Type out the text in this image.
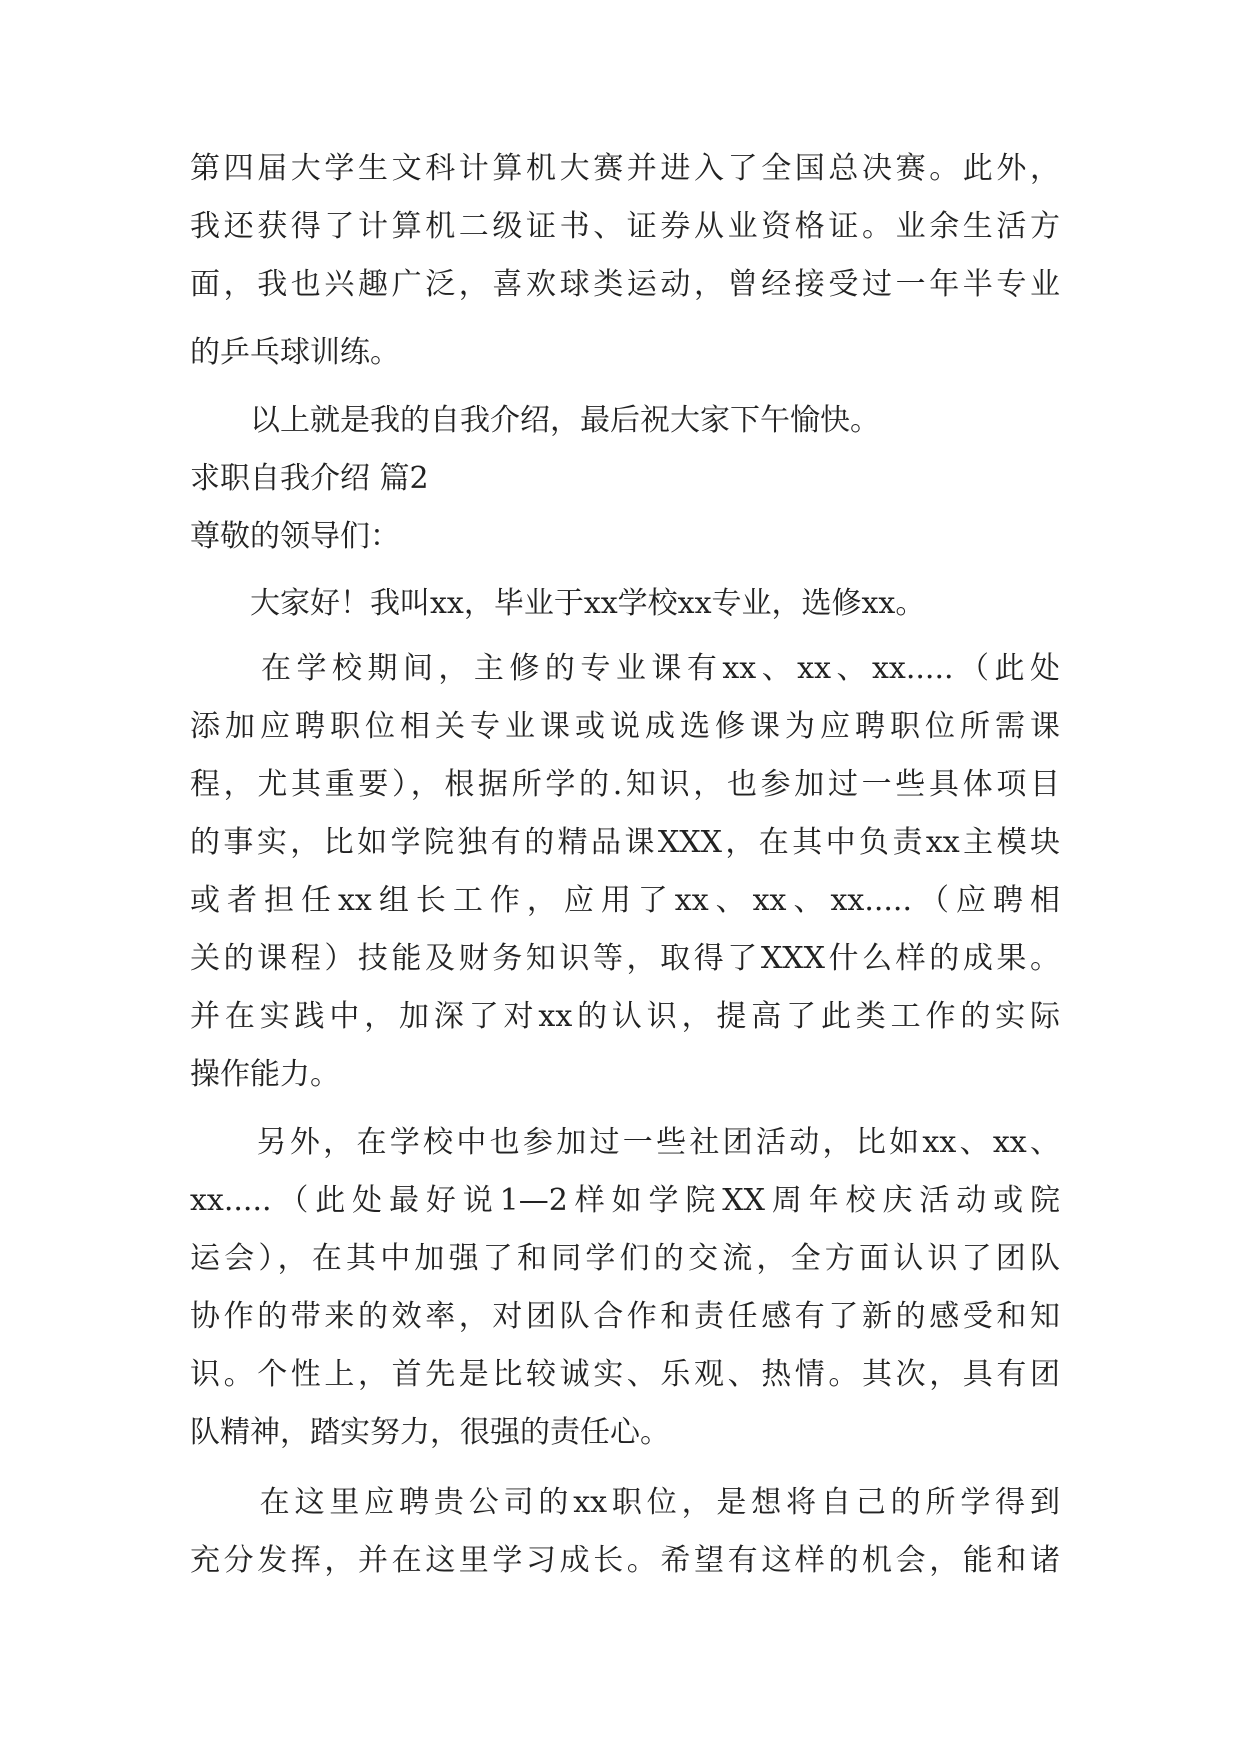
第四届大学生文科计算机大赛并进入了全国总决赛。此外，
我还获得了计算机二级证书、证券从业资格证。业余生活方
面，我也兴趣广泛，喜欢球类运动，曾经接受过一年半专业
的乒乓球训练。
　　以上就是我的自我介绍，最后祝大家下午愉快。
求职自我介绍 篇2
尊敬的领导们：
　　大家好！我叫xx，毕业于xx学校xx专业，选修xx。
　　在学校期间，主修的专业课有xx、xx、xx.....（此处
添加应聘职位相关专业课或说成选修课为应聘职位所需课
程，尤其重要），根据所学的.知识，也参加过一些具体项目
的事实，比如学院独有的精品课XXX，在其中负责xx主模块
或者担任xx组长工作，应用了xx、xx、xx.....（应聘相
关的课程）技能及财务知识等，取得了XXX什么样的成果。
并在实践中，加深了对xx的认识，提高了此类工作的实际
操作能力。
　　另外，在学校中也参加过一些社团活动，比如xx、xx、
xx.....（此处最好说1—2样如学院XX周年校庆活动或院
运会），在其中加强了和同学们的交流，全方面认识了团队
协作的带来的效率，对团队合作和责任感有了新的感受和知
识。个性上，首先是比较诚实、乐观、热情。其次，具有团
队精神，踏实努力，很强的责任心。
　　在这里应聘贵公司的xx职位，是想将自己的所学得到
充分发挥，并在这里学习成长。希望有这样的机会，能和诸
